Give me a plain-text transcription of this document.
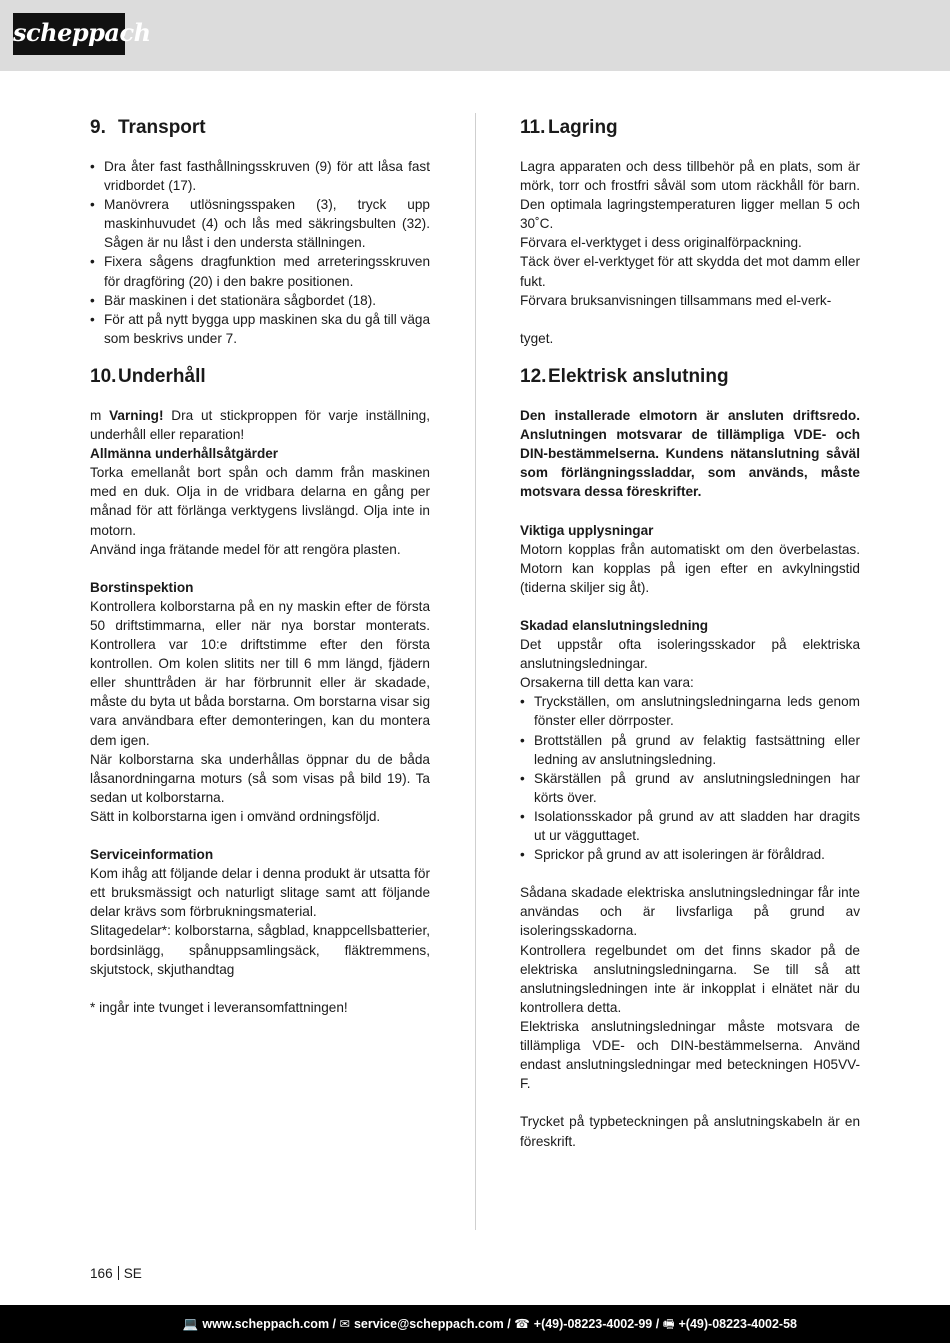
scheppach
9. Transport
• Dra åter fast fasthållningsskruven (9) för att låsa fast vridbordet (17).
• Manövrera utlösningsspaken (3), tryck upp maskinhuvudet (4) och lås med säkringsbulten (32). Sågen är nu låst i den understa ställningen.
• Fixera sågens dragfunktion med arreteringsskruven för dragföring (20) i den bakre positionen.
• Bär maskinen i det stationära sågbordet (18).
• För att på nytt bygga upp maskinen ska du gå till väga som beskrivs under 7.
10. Underhåll

m Varning! Dra ut stickproppen för varje inställning, underhåll eller reparation!

Allmänna underhållsåtgärder

Torka emellanåt bort spån och damm från maskinen med en duk. Olja in de vridbara delarna en gång per månad för att förlänga verktygens livslängd. Olja inte in motorn.

Använd inga frätande medel för att rengöra plasten.

Borstinspektion

Kontrollera kolborstarna på en ny maskin efter de första 50 driftstimmarna, eller när nya borstar monterats. Kontrollera var 10:e driftstimme efter den första kontrollen. Om kolen slitits ner till 6 mm längd, fjädern eller shunttråden är har förbrunnit eller är skadade, måste du byta ut båda borstarna. Om borstarna visar sig vara användbara efter demonteringen, kan du montera dem igen.

När kolborstarna ska underhållas öppnar du de båda låsanordningarna moturs (så som visas på bild 19). Ta sedan ut kolborstarna.

Sätt in kolborstarna igen i omvänd ordningsföljd.

Serviceinformation

Kom ihåg att följande delar i denna produkt är utsatta för ett bruksmässigt och naturligt slitage samt att följande delar krävs som förbrukningsmaterial.

Slitagedelar*: kolborstarna, sågblad, knappcellsbatterier, bordsinlägg, spånuppsamlingsäck, fläktremmens, skjutstock, skjuthandtag

* ingår inte tvunget i leveransomfattningen!

11. Lagring

Lagra apparaten och dess tillbehör på en plats, som är mörk, torr och frostfri såväl som utom räckhåll för barn. Den optimala lagringstemperaturen ligger mellan 5 och 30˚C.

Förvara el-verktyget i dess originalförpackning.

Täck över el-verktyget för att skydda det mot damm eller fukt.

Förvara bruksanvisningen tillsammans med el-verk-

tyget.

12. Elektrisk anslutning

Den installerade elmotorn är ansluten driftsredo. Anslutningen motsvarar de tillämpliga VDE- och DIN-bestämmelserna. Kundens nätanslutning såväl som förlängningssladdar, som används, måste motsvara dessa föreskrifter.

Viktiga upplysningar

Motorn kopplas från automatiskt om den överbelastas. Motorn kan kopplas på igen efter en avkylningstid (tiderna skiljer sig åt).

Skadad elanslutningsledning

Det uppstår ofta isoleringsskador på elektriska anslutningsledningar.

Orsakerna till detta kan vara:

• Tryckställen, om anslutningsledningarna leds genom fönster eller dörrposter.
• Brottställen på grund av felaktig fastsättning eller ledning av anslutningsledning.
• Skärställen på grund av anslutningsledningen har körts över.
• Isolationsskador på grund av att sladden har dragits ut ur vägguttaget.
• Sprickor på grund av att isoleringen är föråldrad.

Sådana skadade elektriska anslutningsledningar får inte användas och är livsfarliga på grund av isoleringsskadorna.

Kontrollera regelbundet om det finns skador på de elektriska anslutningsledningarna. Se till så att anslutningsledningen inte är inkopplat i elnätet när du kontrollera detta.

Elektriska anslutningsledningar måste motsvara de tillämpliga VDE- och DIN-bestämmelserna. Använd endast anslutningsledningar med beteckningen H05VV-F.

Trycket på typbeteckningen på anslutningskabeln är en föreskrift.

166 SE
💻 www.scheppach.com / ✉ service@scheppach.com / ☎ +(49)-08223-4002-99 / 🖷 +(49)-08223-4002-58
